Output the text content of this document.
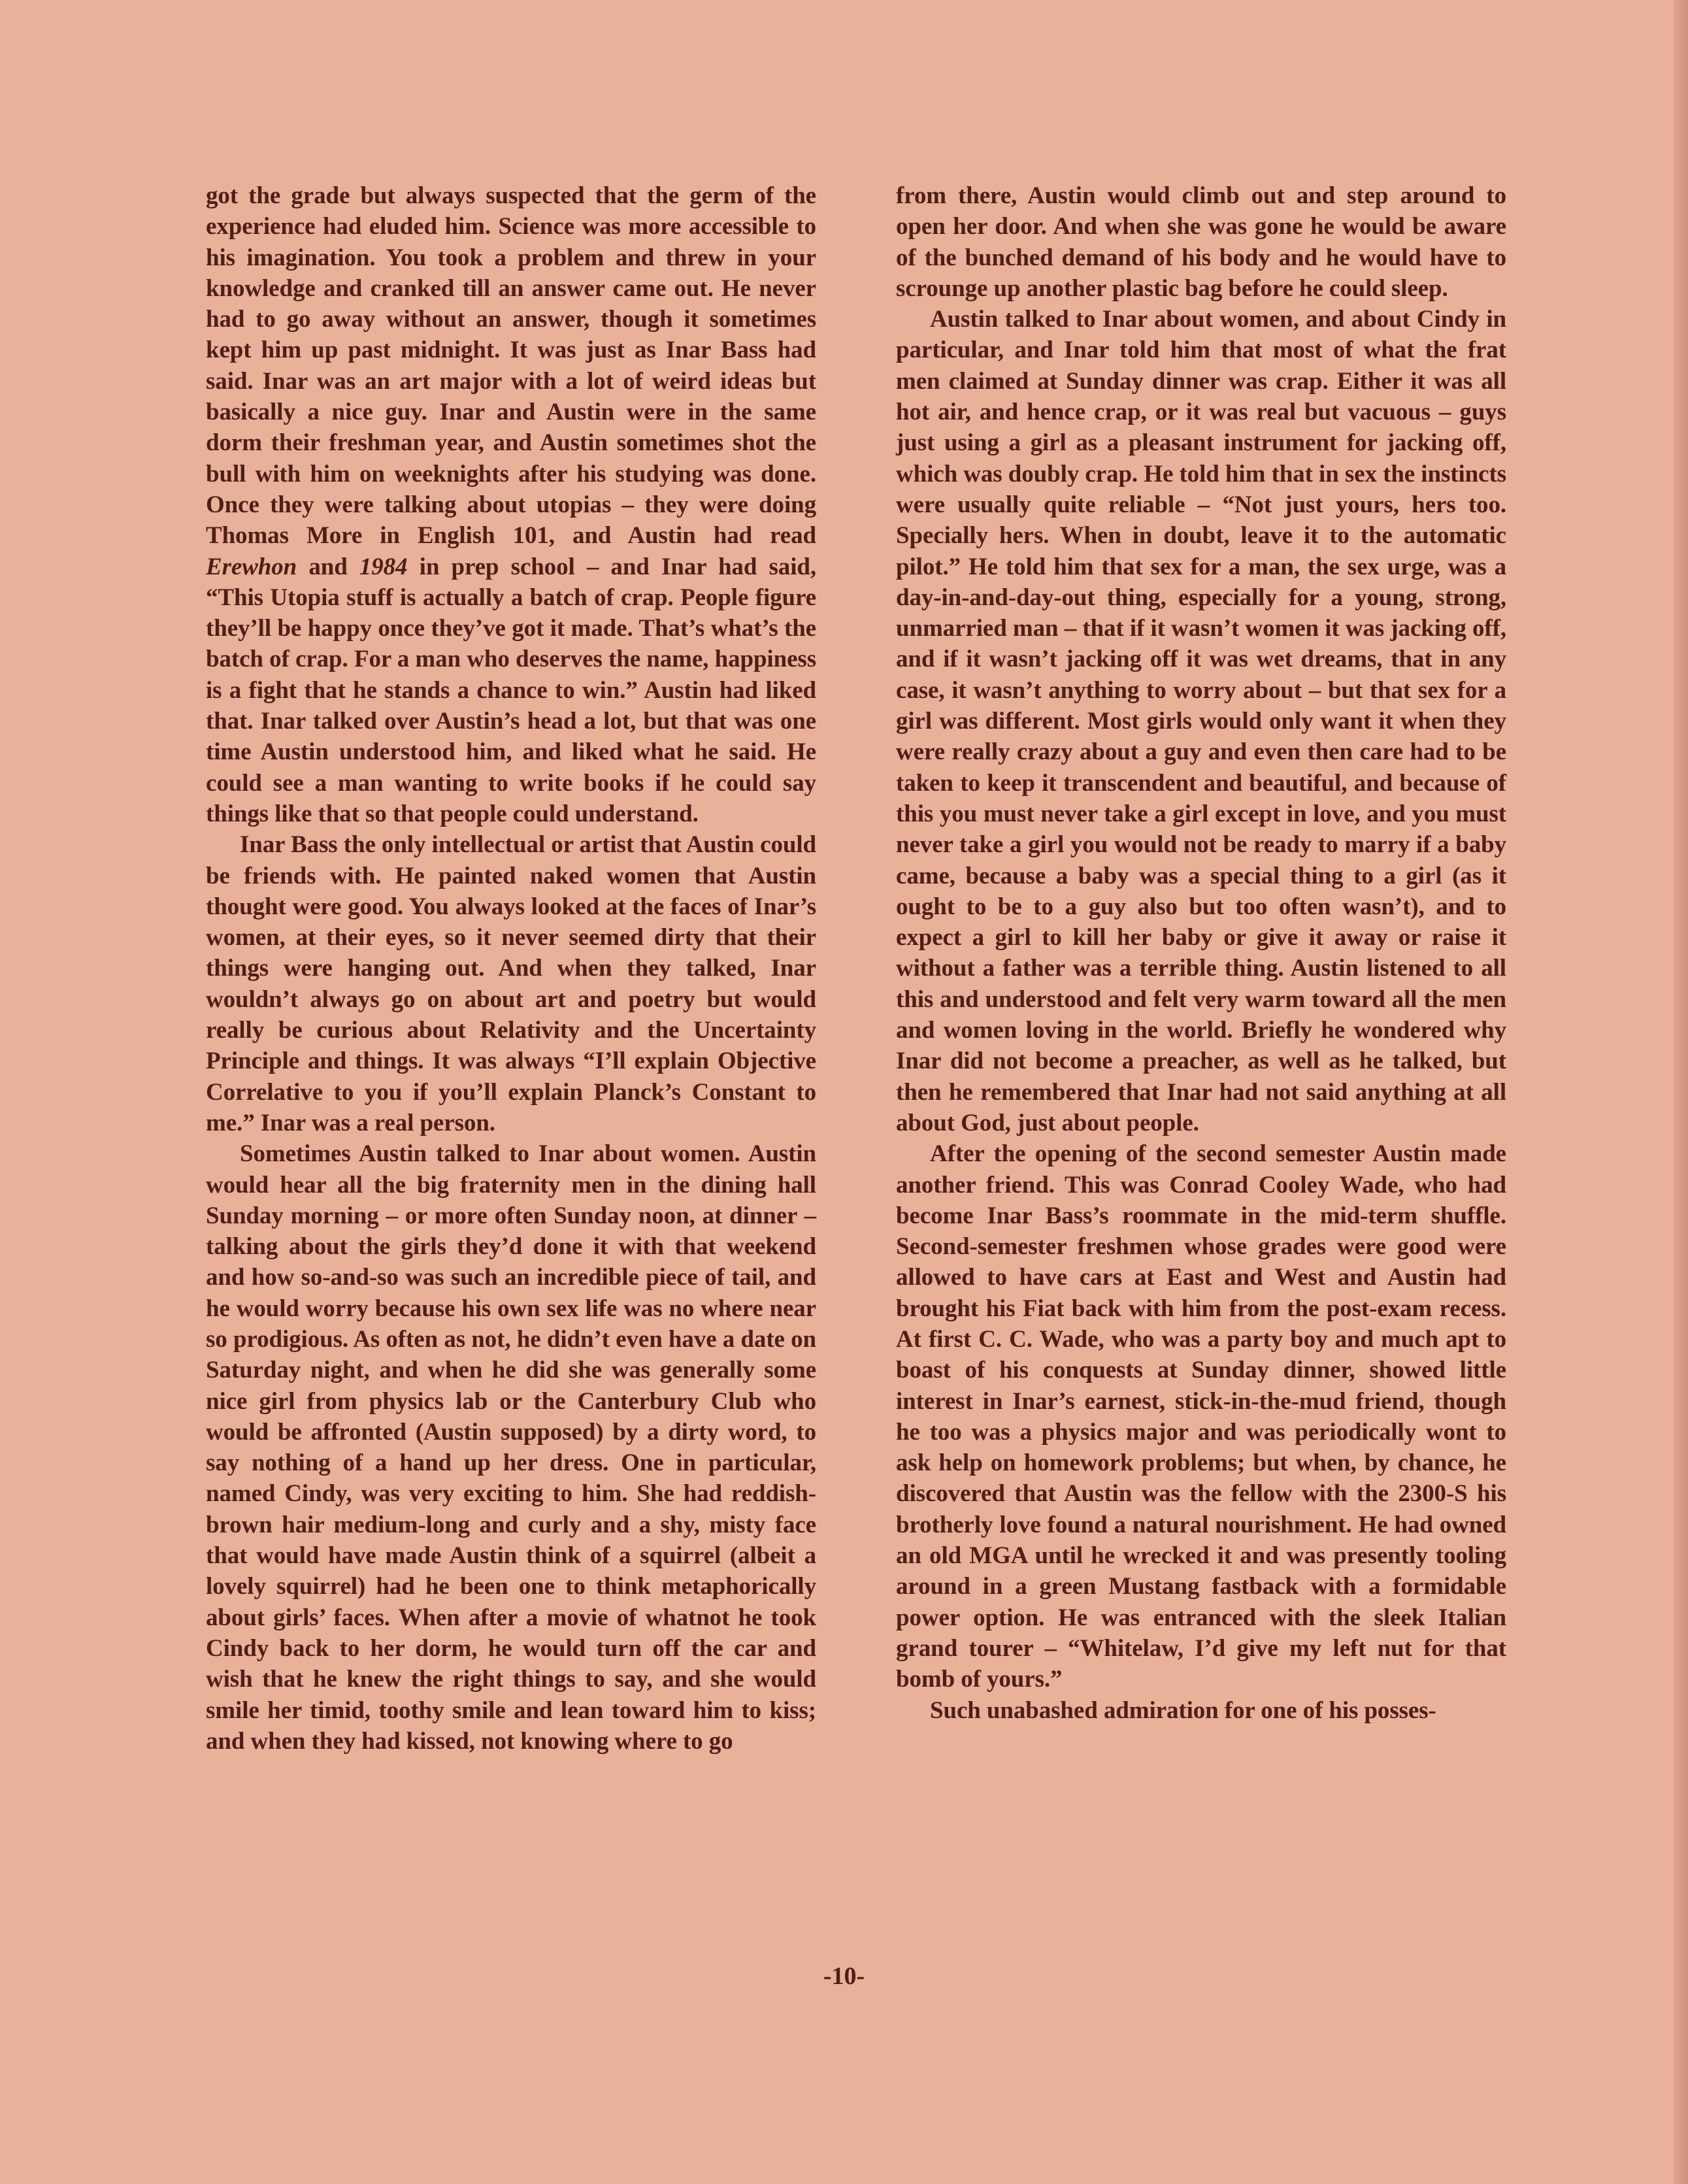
got the grade but always suspected that the germ of the experience had eluded him. Science was more accessible to his imagination. You took a problem and threw in your knowledge and cranked till an answer came out. He never had to go away without an answer, though it sometimes kept him up past midnight. It was just as Inar Bass had said. Inar was an art major with a lot of weird ideas but basically a nice guy. Inar and Austin were in the same dorm their freshman year, and Austin sometimes shot the bull with him on weeknights after his studying was done. Once they were talking about utopias – they were doing Thomas More in English 101, and Austin had read Erewhon and 1984 in prep school – and Inar had said, “This Utopia stuff is actually a batch of crap. People figure they’ll be happy once they’ve got it made. That’s what’s the batch of crap. For a man who deserves the name, happiness is a fight that he stands a chance to win.” Austin had liked that. Inar talked over Austin’s head a lot, but that was one time Austin understood him, and liked what he said. He could see a man wanting to write books if he could say things like that so that people could understand.

Inar Bass the only intellectual or artist that Austin could be friends with. He painted naked women that Austin thought were good. You always looked at the faces of Inar’s women, at their eyes, so it never seemed dirty that their things were hanging out. And when they talked, Inar wouldn’t always go on about art and poetry but would really be curious about Relativity and the Uncertainty Principle and things. It was always “I’ll explain Objective Correlative to you if you’ll explain Planck’s Constant to me.” Inar was a real person.

Sometimes Austin talked to Inar about women. Austin would hear all the big fraternity men in the dining hall Sunday morning – or more often Sunday noon, at dinner – talking about the girls they’d done it with that weekend and how so-and-so was such an incredible piece of tail, and he would worry because his own sex life was no where near so prodigious. As often as not, he didn’t even have a date on Saturday night, and when he did she was generally some nice girl from physics lab or the Canterbury Club who would be affronted (Austin supposed) by a dirty word, to say nothing of a hand up her dress. One in particular, named Cindy, was very exciting to him. She had reddish-brown hair medium-long and curly and a shy, misty face that would have made Austin think of a squirrel (albeit a lovely squirrel) had he been one to think metaphorically about girls’ faces. When after a movie of whatnot he took Cindy back to her dorm, he would turn off the car and wish that he knew the right things to say, and she would smile her timid, toothy smile and lean toward him to kiss; and when they had kissed, not knowing where to go

from there, Austin would climb out and step around to open her door. And when she was gone he would be aware of the bunched demand of his body and he would have to scrounge up another plastic bag before he could sleep.

Austin talked to Inar about women, and about Cindy in particular, and Inar told him that most of what the frat men claimed at Sunday dinner was crap. Either it was all hot air, and hence crap, or it was real but vacuous – guys just using a girl as a pleasant instrument for jacking off, which was doubly crap. He told him that in sex the instincts were usually quite reliable – “Not just yours, hers too. Specially hers. When in doubt, leave it to the automatic pilot.” He told him that sex for a man, the sex urge, was a day-in-and-day-out thing, especially for a young, strong, unmarried man – that if it wasn’t women it was jacking off, and if it wasn’t jacking off it was wet dreams, that in any case, it wasn’t anything to worry about – but that sex for a girl was different. Most girls would only want it when they were really crazy about a guy and even then care had to be taken to keep it transcendent and beautiful, and because of this you must never take a girl except in love, and you must never take a girl you would not be ready to marry if a baby came, because a baby was a special thing to a girl (as it ought to be to a guy also but too often wasn’t), and to expect a girl to kill her baby or give it away or raise it without a father was a terrible thing. Austin listened to all this and understood and felt very warm toward all the men and women loving in the world. Briefly he wondered why Inar did not become a preacher, as well as he talked, but then he remembered that Inar had not said anything at all about God, just about people.

After the opening of the second semester Austin made another friend. This was Conrad Cooley Wade, who had become Inar Bass’s roommate in the mid-term shuffle. Second-semester freshmen whose grades were good were allowed to have cars at East and West and Austin had brought his Fiat back with him from the post-exam recess. At first C. C. Wade, who was a party boy and much apt to boast of his conquests at Sunday dinner, showed little interest in Inar’s earnest, stick-in-the-mud friend, though he too was a physics major and was periodically wont to ask help on homework problems; but when, by chance, he discovered that Austin was the fellow with the 2300-S his brotherly love found a natural nourishment. He had owned an old MGA until he wrecked it and was presently tooling around in a green Mustang fastback with a formidable power option. He was entranced with the sleek Italian grand tourer – “Whitelaw, I’d give my left nut for that bomb of yours.”

Such unabashed admiration for one of his posses-

-10-
